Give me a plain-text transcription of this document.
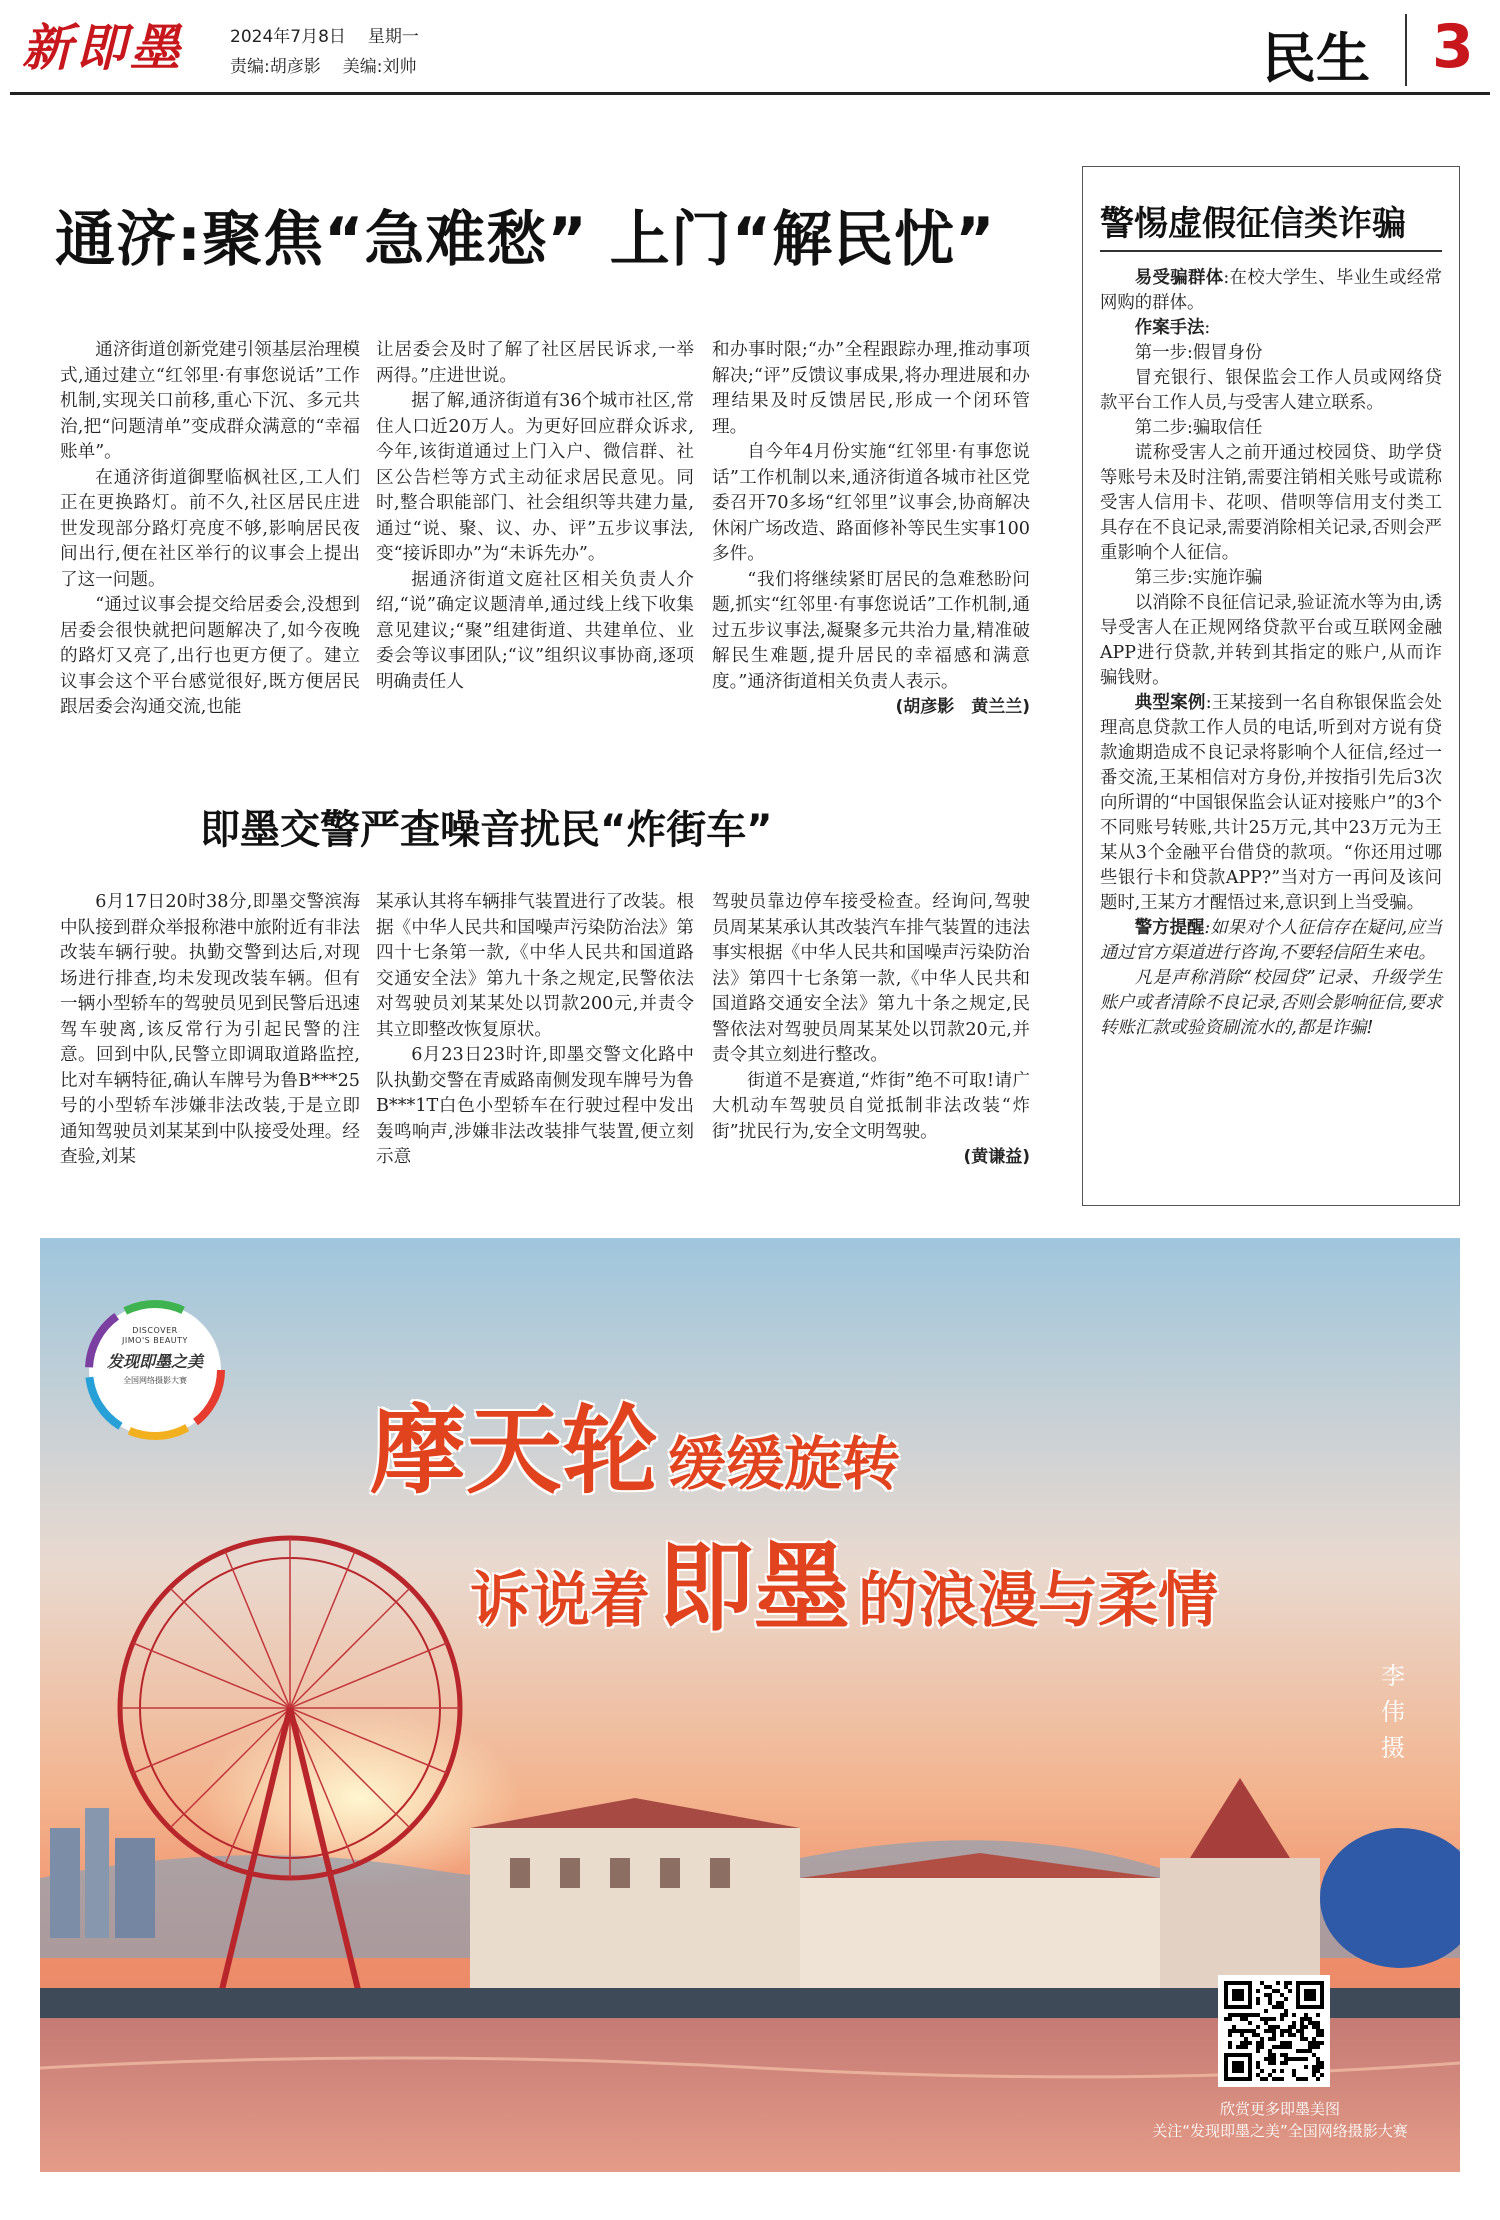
新即墨	2024年7月8日 星期一
责编:胡彦影 美编:刘帅	民生 3
通济:聚焦“急难愁” 上门“解民忧”

通济街道创新党建引领基层治理模式,通过建立“红邻里·有事您说话”工作机制,实现关口前移,重心下沉、多元共治,把“问题清单”变成群众满意的“幸福账单”。

在通济街道御墅临枫社区,工人们正在更换路灯。前不久,社区居民庄进世发现部分路灯亮度不够,影响居民夜间出行,便在社区举行的议事会上提出了这一问题。

“通过议事会提交给居委会,没想到居委会很快就把问题解决了,如今夜晚的路灯又亮了,出行也更方便了。建立议事会这个平台感觉很好,既方便居民跟居委会沟通交流,也能

让居委会及时了解了社区居民诉求,一举两得。”庄进世说。

据了解,通济街道有36个城市社区,常住人口近20万人。为更好回应群众诉求,今年,该街道通过上门入户、微信群、社区公告栏等方式主动征求居民意见。同时,整合职能部门、社会组织等共建力量,通过“说、聚、议、办、评”五步议事法,变“接诉即办”为“未诉先办”。

据通济街道文庭社区相关负责人介绍,“说”确定议题清单,通过线上线下收集意见建议;“聚”组建街道、共建单位、业委会等议事团队;“议”组织议事协商,逐项明确责任人

和办事时限;“办”全程跟踪办理,推动事项解决;“评”反馈议事成果,将办理进展和办理结果及时反馈居民,形成一个闭环管理。

自今年4月份实施“红邻里·有事您说话”工作机制以来,通济街道各城市社区党委召开70多场“红邻里”议事会,协商解决休闲广场改造、路面修补等民生实事100多件。

“我们将继续紧盯居民的急难愁盼问题,抓实“红邻里·有事您说话”工作机制,通过五步议事法,凝聚多元共治力量,精准破解民生难题,提升居民的幸福感和满意度。”通济街道相关负责人表示。

(胡彦影　黄兰兰)
即墨交警严查噪音扰民“炸街车”

6月17日20时38分,即墨交警滨海中队接到群众举报称港中旅附近有非法改装车辆行驶。执勤交警到达后,对现场进行排查,均未发现改装车辆。但有一辆小型轿车的驾驶员见到民警后迅速驾车驶离,该反常行为引起民警的注意。回到中队,民警立即调取道路监控,比对车辆特征,确认车牌号为鲁B***25号的小型轿车涉嫌非法改装,于是立即通知驾驶员刘某某到中队接受处理。经查验,刘某

某承认其将车辆排气装置进行了改装。根据《中华人民共和国噪声污染防治法》第四十七条第一款,《中华人民共和国道路交通安全法》第九十条之规定,民警依法对驾驶员刘某某处以罚款200元,并责令其立即整改恢复原状。

6月23日23时许,即墨交警文化路中队执勤交警在青威路南侧发现车牌号为鲁B***1T白色小型轿车在行驶过程中发出轰鸣响声,涉嫌非法改装排气装置,便立刻示意

驾驶员靠边停车接受检查。经询问,驾驶员周某某承认其改装汽车排气装置的违法事实根据《中华人民共和国噪声污染防治法》第四十七条第一款,《中华人民共和国道路交通安全法》第九十条之规定,民警依法对驾驶员周某某处以罚款20元,并责令其立刻进行整改。

街道不是赛道,“炸街”绝不可取!请广大机动车驾驶员自觉抵制非法改装“炸街”扰民行为,安全文明驾驶。

(黄谦益)
警惕虚假征信类诈骗

易受骗群体:在校大学生、毕业生或经常网购的群体。

作案手法:

第一步:假冒身份

冒充银行、银保监会工作人员或网络贷款平台工作人员,与受害人建立联系。

第二步:骗取信任

谎称受害人之前开通过校园贷、助学贷等账号未及时注销,需要注销相关账号或谎称受害人信用卡、花呗、借呗等信用支付类工具存在不良记录,需要消除相关记录,否则会严重影响个人征信。

第三步:实施诈骗

以消除不良征信记录,验证流水等为由,诱导受害人在正规网络贷款平台或互联网金融APP进行贷款,并转到其指定的账户,从而诈骗钱财。

典型案例:王某接到一名自称银保监会处理高息贷款工作人员的电话,听到对方说有贷款逾期造成不良记录将影响个人征信,经过一番交流,王某相信对方身份,并按指引先后3次向所谓的“中国银保监会认证对接账户”的3个不同账号转账,共计25万元,其中23万元为王某从3个金融平台借贷的款项。“你还用过哪些银行卡和贷款APP?”当对方一再问及该问题时,王某方才醒悟过来,意识到上当受骗。

警方提醒:如果对个人征信存在疑问,应当通过官方渠道进行咨询,不要轻信陌生来电。

凡是声称消除“校园贷”记录、升级学生账户或者清除不良记录,否则会影响征信,要求转账汇款或验资刷流水的,都是诈骗!

DISCOVER
JIMO'S BEAUTY
发现即墨之美
全国网络摄影大赛
摩天轮 缓缓旋转
诉说着即墨 的浪漫与柔情
李伟摄
欣赏更多即墨美图
关注“发现即墨之美”全国网络摄影大赛
